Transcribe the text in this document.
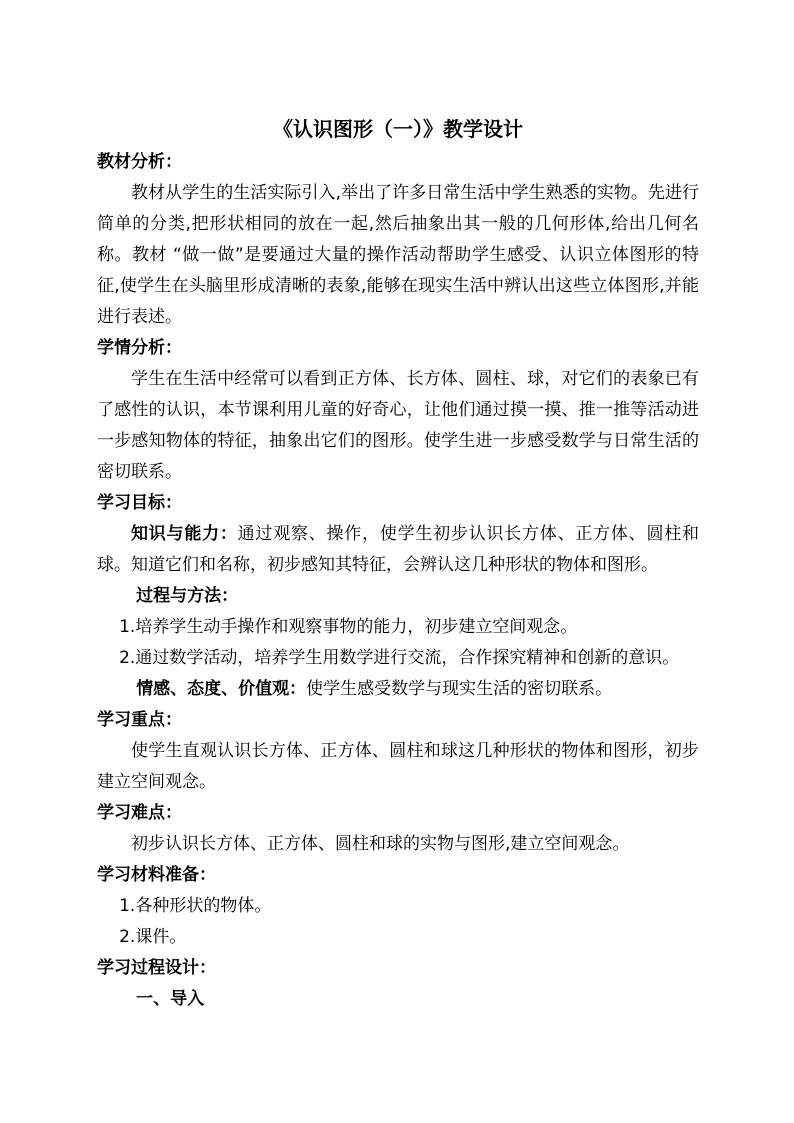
《认识图形（一）》教学设计
教材分析：

教材从学生的生活实际引入,举出了许多日常生活中学生熟悉的实物。先进行简单的分类,把形状相同的放在一起,然后抽象出其一般的几何形体,给出几何名称。教材 “做一做”是要通过大量的操作活动帮助学生感受、认识立体图形的特征,使学生在头脑里形成清晰的表象,能够在现实生活中辨认出这些立体图形,并能进行表述。

学情分析：

学生在生活中经常可以看到正方体、长方体、圆柱、球，对它们的表象已有了感性的认识，本节课利用儿童的好奇心，让他们通过摸一摸、推一推等活动进一步感知物体的特征，抽象出它们的图形。使学生进一步感受数学与日常生活的密切联系。

学习目标：

知识与能力：通过观察、操作，使学生初步认识长方体、正方体、圆柱和球。知道它们和名称，初步感知其特征，会辨认这几种形状的物体和图形。

过程与方法：
1.培养学生动手操作和观察事物的能力，初步建立空间观念。
2.通过数学活动，培养学生用数学进行交流，合作探究精神和创新的意识。
情感、态度、价值观：使学生感受数学与现实生活的密切联系。
学习重点：

使学生直观认识长方体、正方体、圆柱和球这几种形状的物体和图形，初步建立空间观念。

学习难点：

初步认识长方体、正方体、圆柱和球的实物与图形,建立空间观念。

学习材料准备：
1.各种形状的物体。
2.课件。
学习过程设计：
一、导入
